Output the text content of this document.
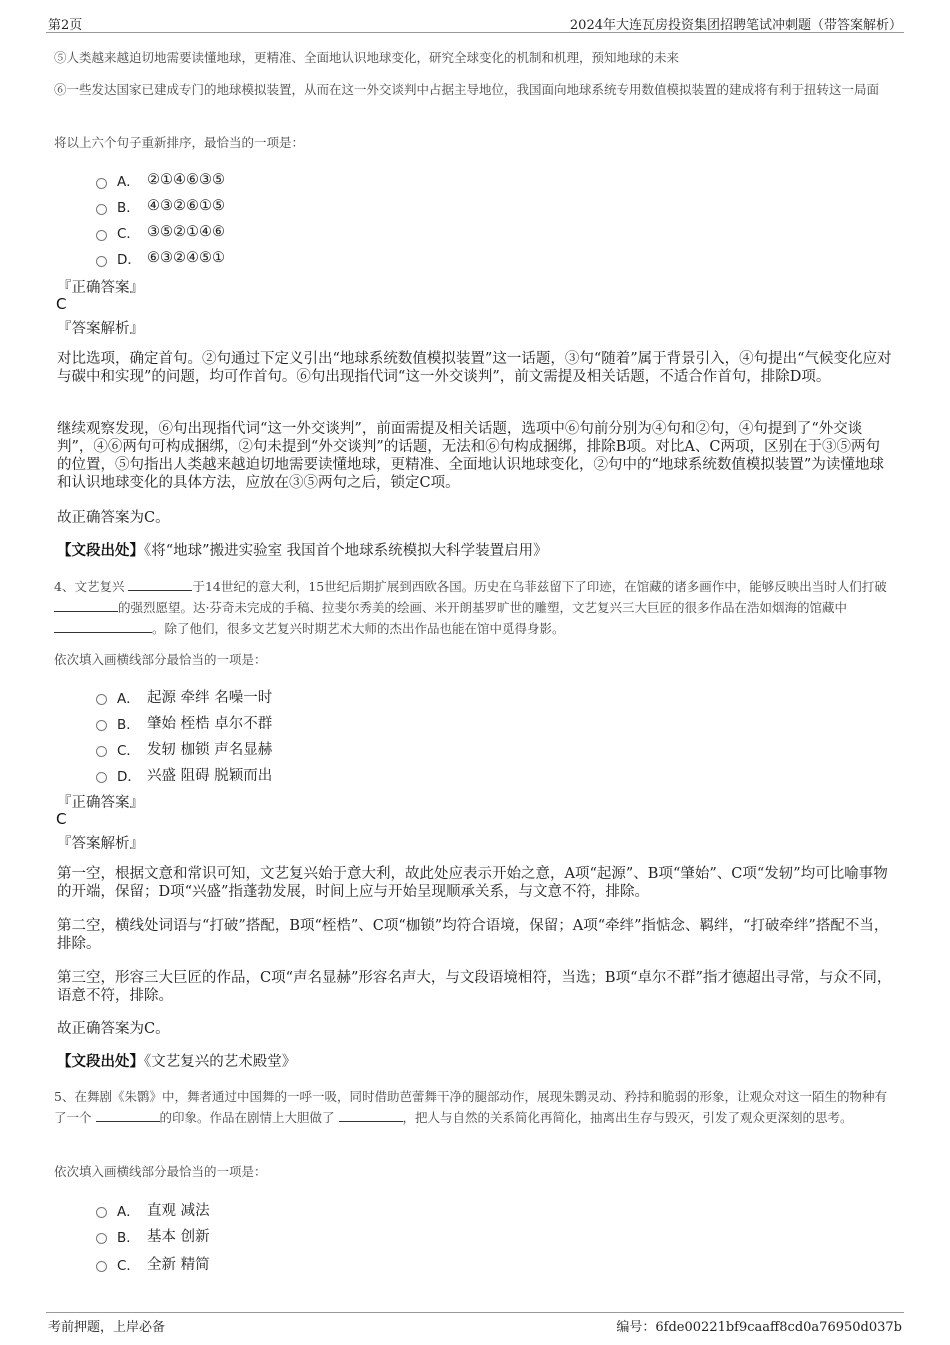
第2页	2024年大连瓦房投资集团招聘笔试冲刺题（带答案解析）
⑤人类越来越迫切地需要读懂地球，更精准、全面地认识地球变化，研究全球变化的机制和机理，预知地球的未来
⑥一些发达国家已建成专门的地球模拟装置，从而在这一外交谈判中占据主导地位，我国面向地球系统专用数值模拟装置的建成将有利于扭转这一局面
将以上六个句子重新排序，最恰当的一项是：
A． ②①④⑥③⑤
B． ④③②⑥①⑤
C． ③⑤②①④⑥
D． ⑥③②④⑤①
『正确答案』
C
『答案解析』
对比选项，确定首句。②句通过下定义引出“地球系统数值模拟装置”这一话题，③句“随着”属于背景引入，④句提出“气候变化应对与碳中和实现”的问题，均可作首句。⑥句出现指代词“这一外交谈判”，前文需提及相关话题，不适合作首句，排除D项。
继续观察发现，⑥句出现指代词“这一外交谈判”，前面需提及相关话题，选项中⑥句前分别为④句和②句，④句提到了“外交谈判”，④⑥两句可构成捆绑，②句未提到“外交谈判”的话题，无法和⑥句构成捆绑，排除B项。对比A、C两项，区别在于③⑤两句的位置，⑤句指出人类越来越迫切地需要读懂地球，更精准、全面地认识地球变化，②句中的“地球系统数值模拟装置”为读懂地球和认识地球变化的具体方法，应放在③⑤两句之后，锁定C项。
故正确答案为C。
【文段出处】《将“地球”搬进实验室 我国首个地球系统模拟大科学装置启用》
4、文艺复兴	于14世纪的意大利，15世纪后期扩展到西欧各国。历史在乌菲兹留下了印迹，在馆藏的诸多画作中，能够反映出当时人们打破 的强烈愿望。达·芬奇未完成的手稿、拉斐尔秀美的绘画、米开朗基罗旷世的雕塑，文艺复兴三大巨匠的很多作品在浩如烟海的馆藏中 。除了他们，很多文艺复兴时期艺术大师的杰出作品也能在馆中觅得身影。
依次填入画横线部分最恰当的一项是：
A． 起源 牵绊 名噪一时
B． 肇始 桎梏 卓尔不群
C． 发轫 枷锁 声名显赫
D． 兴盛 阻碍 脱颖而出
『正确答案』
C
『答案解析』
第一空，根据文意和常识可知，文艺复兴始于意大利，故此处应表示开始之意，A项“起源”、B项“肇始”、C项“发轫”均可比喻事物的开端，保留；D项“兴盛”指蓬勃发展，时间上应与开始呈现顺承关系，与文意不符，排除。
第二空，横线处词语与“打破”搭配，B项“桎梏”、C项“枷锁”均符合语境，保留；A项“牵绊”指惦念、羁绊，“打破牵绊”搭配不当，排除。
第三空，形容三大巨匠的作品，C项“声名显赫”形容名声大，与文段语境相符，当选；B项“卓尔不群”指才德超出寻常，与众不同，语意不符，排除。
故正确答案为C。
【文段出处】《文艺复兴的艺术殿堂》
5、在舞剧《朱鹮》中，舞者通过中国舞的一呼一吸，同时借助芭蕾舞干净的腿部动作，展现朱鹮灵动、矜持和脆弱的形象，让观众对这一陌生的物种有了一个	的印象。作品在剧情上大胆做了	，把人与自然的关系简化再简化，抽离出生存与毁灭，引发了观众更深刻的思考。
依次填入画横线部分最恰当的一项是：
A． 直观 减法
B． 基本 创新
C． 全新 精简
考前押题，上岸必备	编号：6fde00221bf9caaff8cd0a76950d037b
